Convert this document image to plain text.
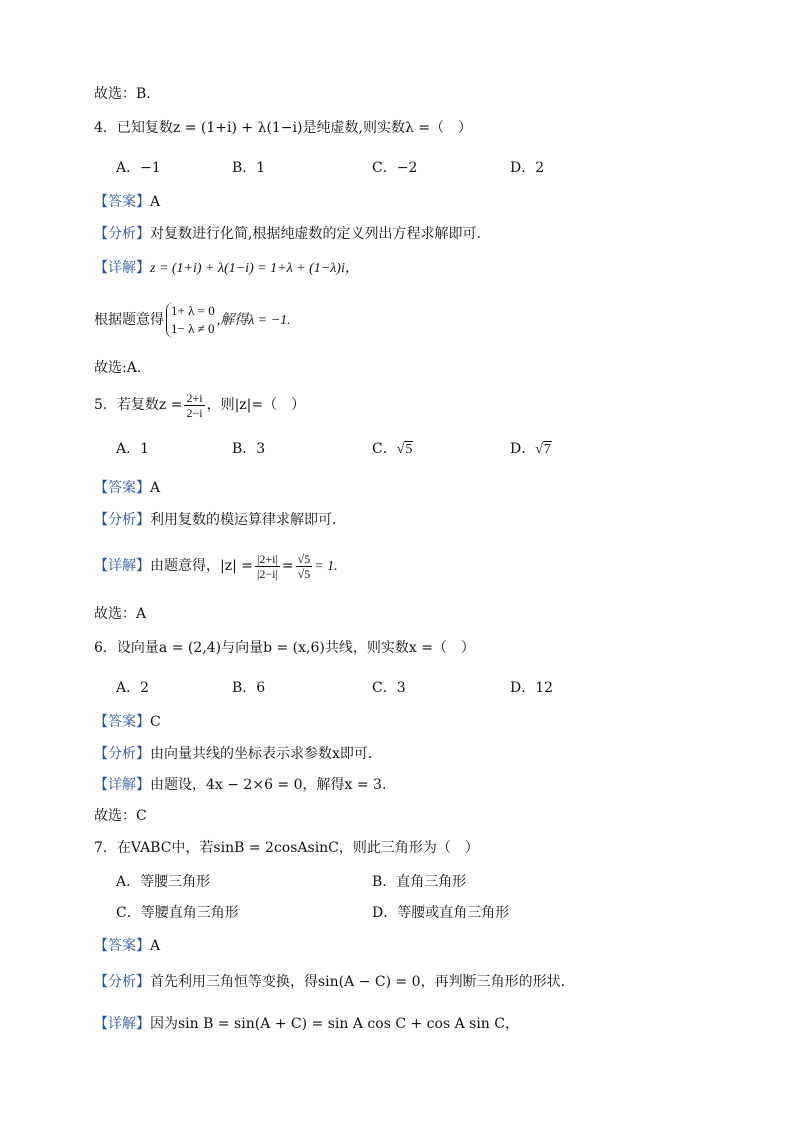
故选：B.
4．已知复数z = (1+i) + λ(1−i)是纯虚数,则实数λ =（　）
A．−1	B．1	C．−2	D．2
【答案】A
【分析】对复数进行化简,根据纯虚数的定义列出方程求解即可.
【详解】z = (1+i) + λ(1−i) = 1+λ + (1−λ)i，
根据题意得
1+ λ = 0
1− λ ≠ 0
,解得λ = −1.
故选:A.
5．若复数$z = \frac{2+i}{2-i}$ ，则|z|=（　）
A．1	B．3	C．√5	D．√7
【答案】A
【分析】利用复数的模运算律求解即可.
【详解】由题意得，$|z| = \frac{|2+i|}{|2-i|} = \frac{√5}{√5} = 1$.
故选：A
6．设向量a = (2,4)与向量b = (x,6)共线，则实数x =（　）
A．2	B．6	C．3	D．12
【答案】C
【分析】由向量共线的坐标表示求参数x即可.
【详解】由题设，4x − 2×6 = 0，解得x = 3.
故选：C
7．在VABC中，若sinB = 2cosAsinC，则此三角形为（　）
A．等腰三角形	B．直角三角形
C．等腰直角三角形	D．等腰或直角三角形
【答案】A
【分析】首先利用三角恒等变换，得sin(A − C) = 0，再判断三角形的形状.
【详解】因为sin B = sin(A + C) = sin A cos C + cos A sin C，
